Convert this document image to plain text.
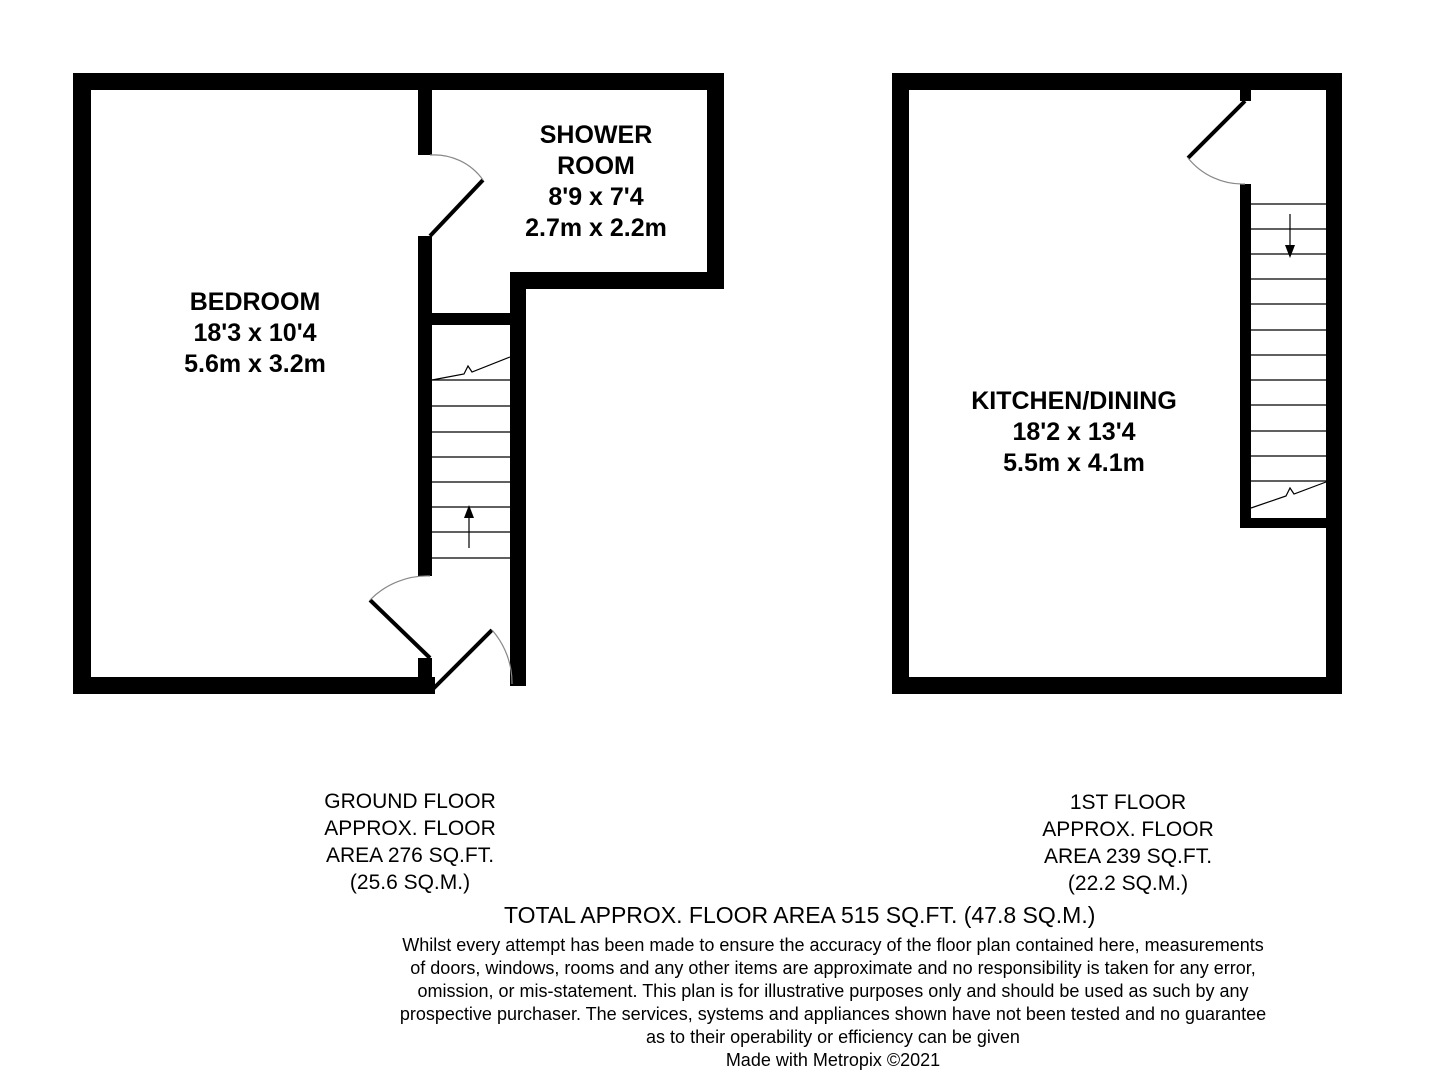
BEDROOM
18'3 x 10'4
5.6m x 3.2m
SHOWER
ROOM
8'9 x 7'4
2.7m x 2.2m
KITCHEN/DINING
18'2 x 13'4
5.5m x 4.1m
GROUND FLOOR
APPROX. FLOOR
AREA 276 SQ.FT.
(25.6 SQ.M.)
1ST FLOOR
APPROX. FLOOR
AREA 239 SQ.FT.
(22.2 SQ.M.)
TOTAL APPROX. FLOOR AREA 515 SQ.FT. (47.8 SQ.M.)
Whilst every attempt has been made to ensure the accuracy of the floor plan contained here, measurements
of doors, windows, rooms and any other items are approximate and no responsibility is taken for any error,
omission, or mis-statement. This plan is for illustrative purposes only and should be used as such by any
prospective purchaser. The services, systems and appliances shown have not been tested and no guarantee
as to their operability or efficiency can be given
Made with Metropix ©2021
